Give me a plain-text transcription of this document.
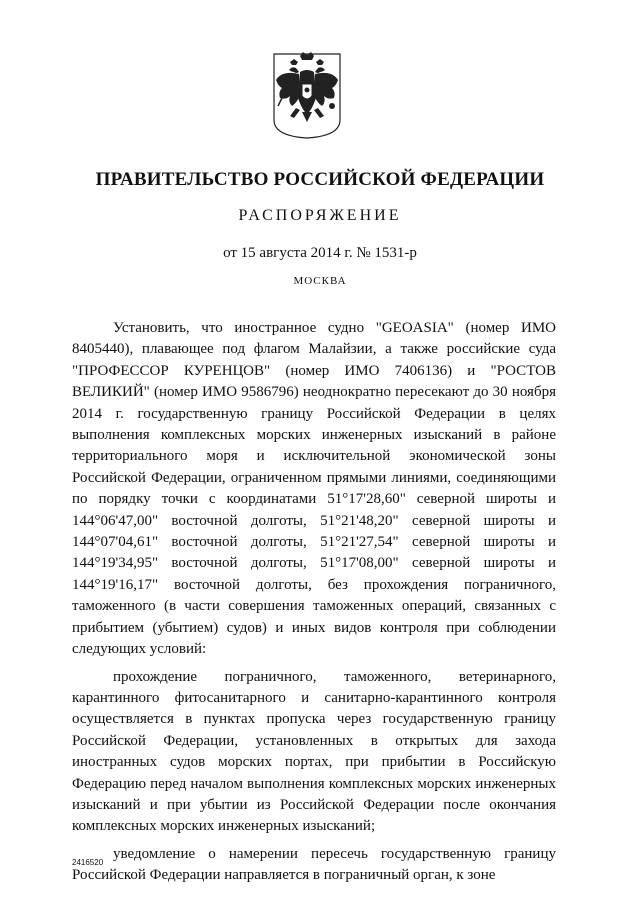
ПРАВИТЕЛЬСТВО РОССИЙСКОЙ ФЕДЕРАЦИИ
РАСПОРЯЖЕНИЕ
от 15 августа 2014 г. № 1531-р
МОСКВА

Установить, что иностранное судно "GEOASIA" (номер ИМО 8405440), плавающее под флагом Малайзии, а также российские суда "ПРОФЕССОР КУРЕНЦОВ" (номер ИМО 7406136) и "РОСТОВ ВЕЛИКИЙ" (номер ИМО 9586796) неоднократно пересекают до 30 ноября 2014 г. государственную границу Российской Федерации в целях выполнения комплексных морских инженерных изысканий в районе территориального моря и исключительной экономической зоны Российской Федерации, ограниченном прямыми линиями, соединяющими по порядку точки с координатами 51°17'28,60" северной широты и 144°06'47,00" восточной долготы, 51°21'48,20" северной широты и 144°07'04,61" восточной долготы, 51°21'27,54" северной широты и 144°19'34,95" восточной долготы, 51°17'08,00" северной широты и 144°19'16,17" восточной долготы, без прохождения пограничного, таможенного (в части совершения таможенных операций, связанных с прибытием (убытием) судов) и иных видов контроля при соблюдении следующих условий:

прохождение пограничного, таможенного, ветеринарного, карантинного фитосанитарного и санитарно-карантинного контроля осуществляется в пунктах пропуска через государственную границу Российской Федерации, установленных в открытых для захода иностранных судов морских портах, при прибытии в Российскую Федерацию перед началом выполнения комплексных морских инженерных изысканий и при убытии из Российской Федерации после окончания комплексных морских инженерных изысканий;

уведомление о намерении пересечь государственную границу Российской Федерации направляется в пограничный орган, к зоне

2416520
